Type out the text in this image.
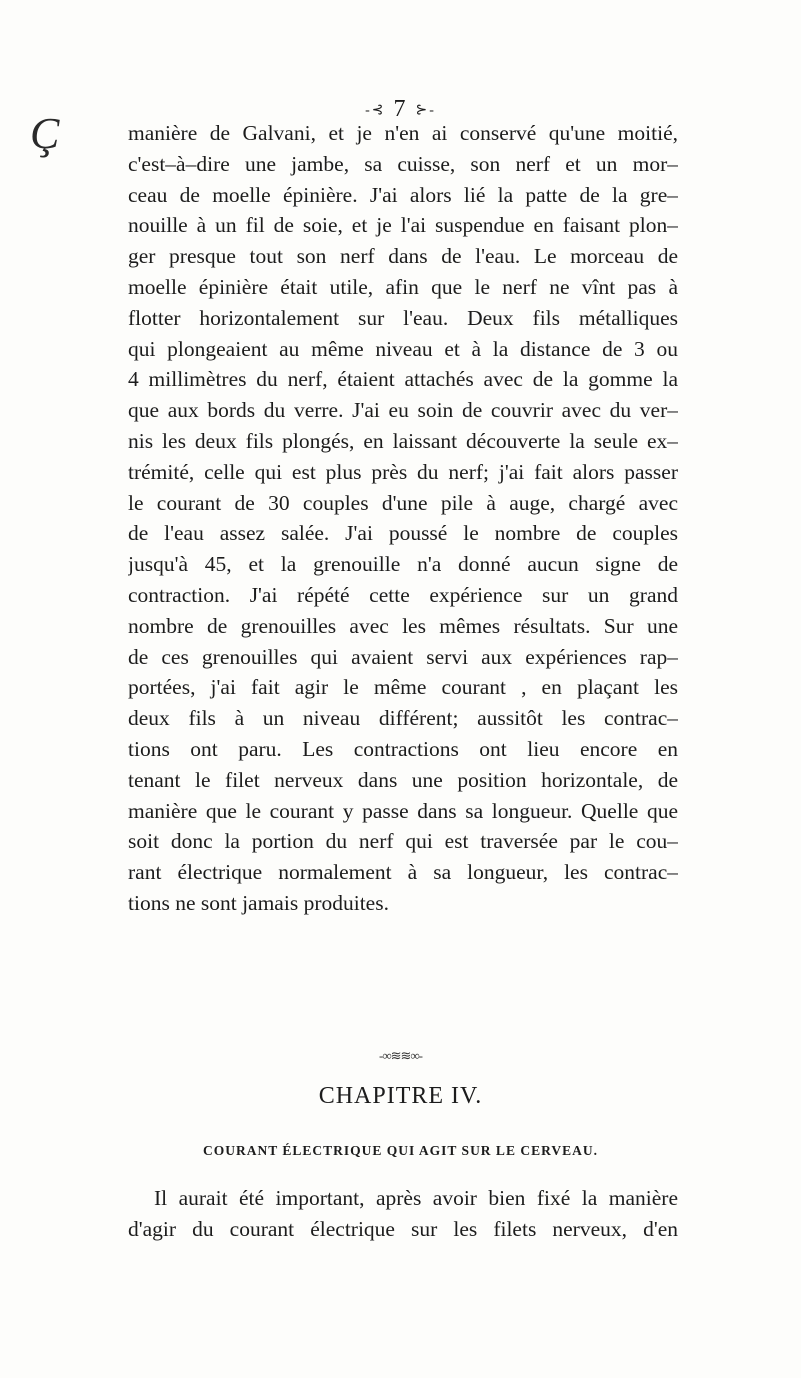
Ç	-⊰ 7 ⊱-
manière de Galvani, et je n'en ai conservé qu'une moitié,
c'est–à–dire une jambe, sa cuisse, son nerf et un mor–
ceau de moelle épinière. J'ai alors lié la patte de la gre–
nouille à un fil de soie, et je l'ai suspendue en faisant plon–
ger presque tout son nerf dans de l'eau. Le morceau de
moelle épinière était utile, afin que le nerf ne vînt pas à
flotter horizontalement sur l'eau. Deux fils métalliques
qui plongeaient au même niveau et à la distance de 3 ou
4 millimètres du nerf, étaient attachés avec de la gomme la
que aux bords du verre. J'ai eu soin de couvrir avec du ver–
nis les deux fils plongés, en laissant découverte la seule ex–
trémité, celle qui est plus près du nerf; j'ai fait alors passer
le courant de 30 couples d'une pile à auge, chargé avec
de l'eau assez salée. J'ai poussé le nombre de couples
jusqu'à 45, et la grenouille n'a donné aucun signe de
contraction. J'ai répété cette expérience sur un grand
nombre de grenouilles avec les mêmes résultats. Sur une
de ces grenouilles qui avaient servi aux expériences rap–
portées, j'ai fait agir le même courant , en plaçant les
deux fils à un niveau différent; aussitôt les contrac–
tions ont paru. Les contractions ont lieu encore en
tenant le filet nerveux dans une position horizontale, de
manière que le courant y passe dans sa longueur. Quelle que
soit donc la portion du nerf qui est traversée par le cou–
rant électrique normalement à sa longueur, les contrac–
tions ne sont jamais produites.
-∞≋≋∞-
CHAPITRE IV.
COURANT ÉLECTRIQUE QUI AGIT SUR LE CERVEAU.
Il aurait été important, après avoir bien fixé la manière
d'agir du courant électrique sur les filets nerveux, d'en
